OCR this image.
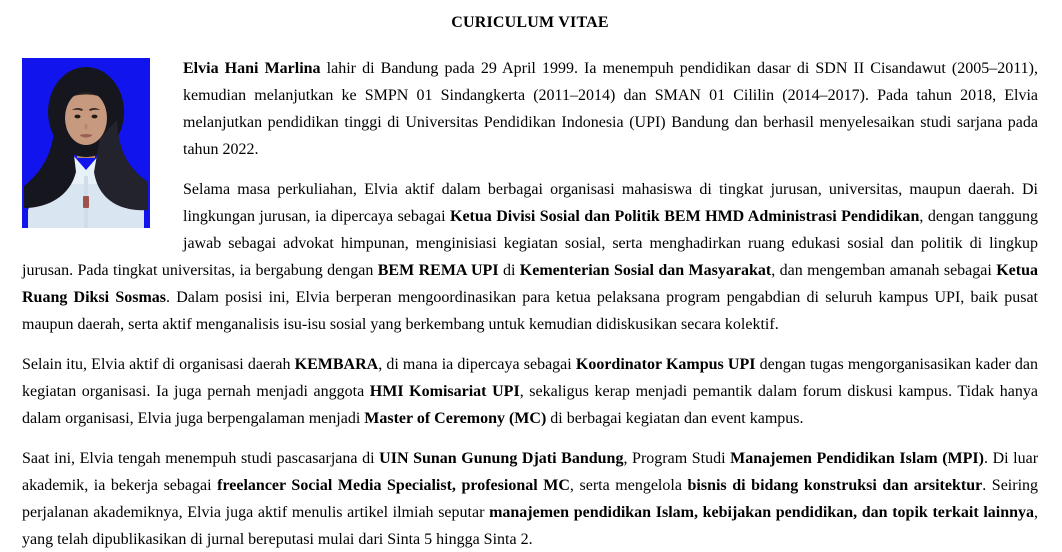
CURICULUM VITAE

Elvia Hani Marlina lahir di Bandung pada 29 April 1999. Ia menempuh pendidikan dasar di SDN II Cisandawut (2005–2011), kemudian melanjutkan ke SMPN 01 Sindangkerta (2011–2014) dan SMAN 01 Cililin (2014–2017). Pada tahun 2018, Elvia melanjutkan pendidikan tinggi di Universitas Pendidikan Indonesia (UPI) Bandung dan berhasil menyelesaikan studi sarjana pada tahun 2022.

Selama masa perkuliahan, Elvia aktif dalam berbagai organisasi mahasiswa di tingkat jurusan, universitas, maupun daerah. Di lingkungan jurusan, ia dipercaya sebagai Ketua Divisi Sosial dan Politik BEM HMD Administrasi Pendidikan, dengan tanggung jawab sebagai advokat himpunan, menginisiasi kegiatan sosial, serta menghadirkan ruang edukasi sosial dan politik di lingkup jurusan. Pada tingkat universitas, ia bergabung dengan BEM REMA UPI di Kementerian Sosial dan Masyarakat, dan mengemban amanah sebagai Ketua Ruang Diksi Sosmas. Dalam posisi ini, Elvia berperan mengoordinasikan para ketua pelaksana program pengabdian di seluruh kampus UPI, baik pusat maupun daerah, serta aktif menganalisis isu-isu sosial yang berkembang untuk kemudian didiskusikan secara kolektif.

Selain itu, Elvia aktif di organisasi daerah KEMBARA, di mana ia dipercaya sebagai Koordinator Kampus UPI dengan tugas mengorganisasikan kader dan kegiatan organisasi. Ia juga pernah menjadi anggota HMI Komisariat UPI, sekaligus kerap menjadi pemantik dalam forum diskusi kampus. Tidak hanya dalam organisasi, Elvia juga berpengalaman menjadi Master of Ceremony (MC) di berbagai kegiatan dan event kampus.

Saat ini, Elvia tengah menempuh studi pascasarjana di UIN Sunan Gunung Djati Bandung, Program Studi Manajemen Pendidikan Islam (MPI). Di luar akademik, ia bekerja sebagai freelancer Social Media Specialist, profesional MC, serta mengelola bisnis di bidang konstruksi dan arsitektur. Seiring perjalanan akademiknya, Elvia juga aktif menulis artikel ilmiah seputar manajemen pendidikan Islam, kebijakan pendidikan, dan topik terkait lainnya, yang telah dipublikasikan di jurnal bereputasi mulai dari Sinta 5 hingga Sinta 2.
